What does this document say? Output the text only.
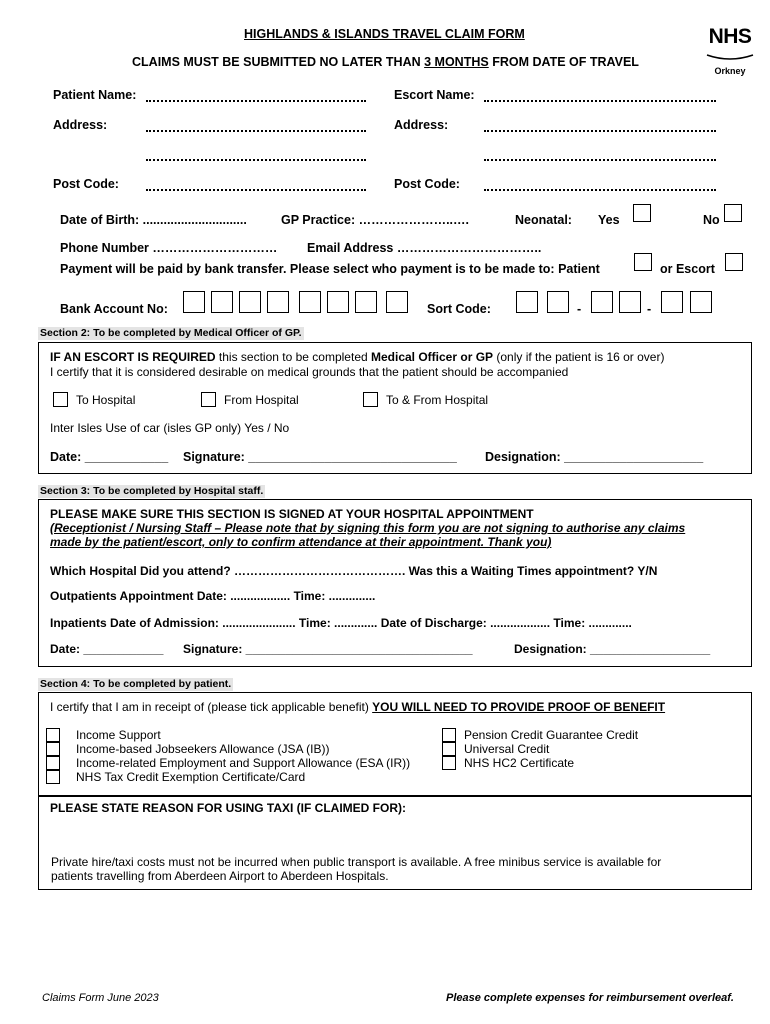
HIGHLANDS & ISLANDS TRAVEL CLAIM FORM
CLAIMS MUST BE SUBMITTED NO LATER THAN 3 MONTHS FROM DATE OF TRAVEL
NHS
Orkney
Patient Name:	Escort Name:
Address:	Address:
Post Code:	Post Code:
Date of Birth: ..............................	GP Practice: …………………..….	Neonatal: Yes	No
Phone Number ………………………… Email Address ……………………………..
Payment will be paid by bank transfer. Please select who payment is to be made to: Patient	or Escort
Bank Account No:	Sort Code:	-	-
Section 2: To be completed by Medical Officer of GP.
IF AN ESCORT IS REQUIRED this section to be completed Medical Officer or GP (only if the patient is 16 or over)
I certify that it is considered desirable on medical grounds that the patient should be accompanied
To Hospital	From Hospital	To & From Hospital
Inter Isles Use of car (isles GP only) Yes / No
Date: ____________ Signature: ______________________________ Designation: ____________________
Section 3: To be completed by Hospital staff.
PLEASE MAKE SURE THIS SECTION IS SIGNED AT YOUR HOSPITAL APPOINTMENT
(Receptionist / Nursing Staff – Please note that by signing this form you are not signing to authorise any claims
made by the patient/escort, only to confirm attendance at their appointment. Thank you)
Which Hospital Did you attend? ……………………………………. Was this a Waiting Times appointment? Y/N
Outpatients Appointment Date: .................. Time: ..............
Inpatients Date of Admission: ...................... Time: ............. Date of Discharge: .................. Time: .............
Date: ____________ Signature: __________________________________	Designation: __________________
Section 4: To be completed by patient.
I certify that I am in receipt of (please tick applicable benefit) YOU WILL NEED TO PROVIDE PROOF OF BENEFIT
Income Support
Income-based Jobseekers Allowance (JSA (IB))
Income-related Employment and Support Allowance (ESA (IR))
NHS Tax Credit Exemption Certificate/Card
Pension Credit Guarantee Credit
Universal Credit
NHS HC2 Certificate
PLEASE STATE REASON FOR USING TAXI (IF CLAIMED FOR):
Private hire/taxi costs must not be incurred when public transport is available. A free minibus service is available for
patients travelling from Aberdeen Airport to Aberdeen Hospitals.
Claims Form June 2023	Please complete expenses for reimbursement overleaf.
